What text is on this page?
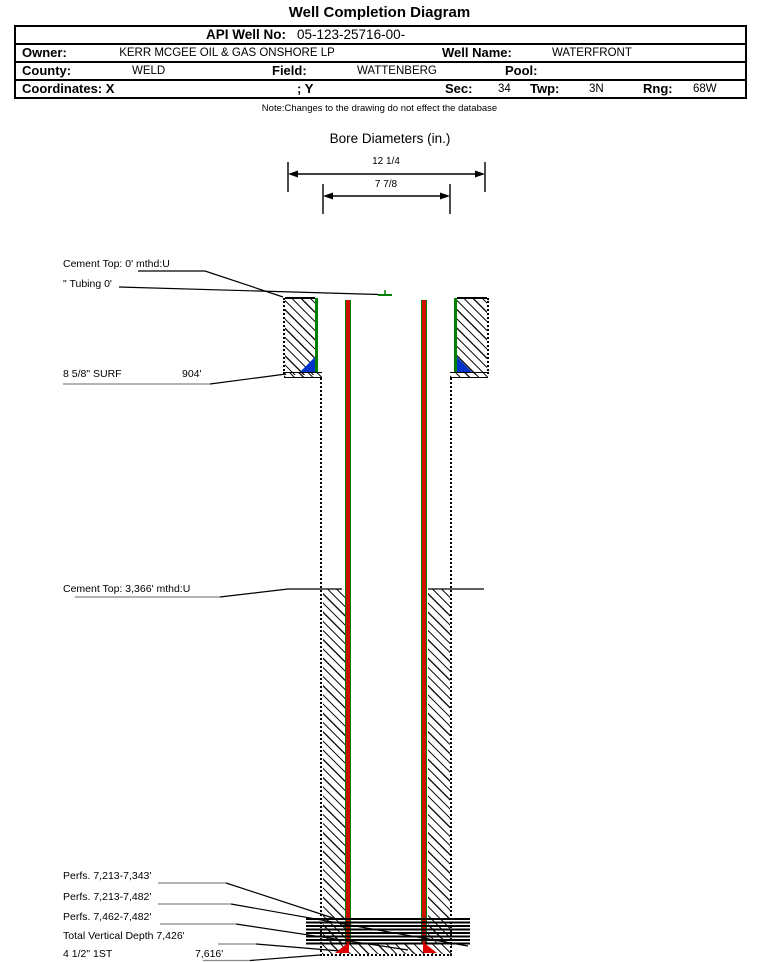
Well Completion Diagram
API Well No: 05-123-25716-00-
Owner:	KERR MCGEE OIL & GAS ONSHORE LP	Well Name:	WATERFRONT
County:	WELD	Field:	WATTENBERG	Pool:
Coordinates: X	; Y	Sec: 34 Twp:	3N	Rng: 68W
Note:Changes to the drawing do not effect the database
Bore Diameters (in.)
12 1/4
7 7/8
Cement Top: 0' mthd:U
" Tubing 0'
8 5/8" SURF	904'
Cement Top: 3,366' mthd:U
Perfs. 7,213-7,343'
Perfs. 7,213-7,482'
Perfs. 7,462-7,482'
Total Vertical Depth 7,426'
4 1/2" 1ST	7,616'
